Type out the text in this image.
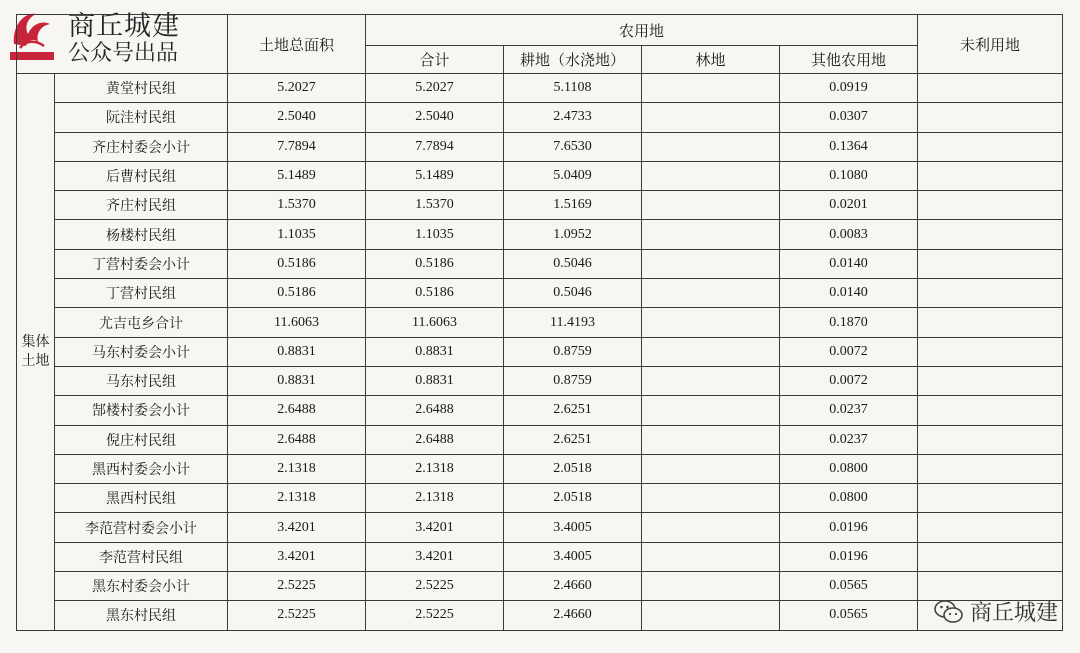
商丘城建
公众号出品
		土地总面积	农用地				未利用地
			合计	耕地（水浇地）	林地	其他农用地	

集体
土地	黄堂村民组	5.2027	5.2027	5.1108		0.0919	
	阮洼村民组	2.5040	2.5040	2.4733		0.0307	
	齐庄村委会小计	7.7894	7.7894	7.6530		0.1364	
	后曹村民组	5.1489	5.1489	5.0409		0.1080	
	齐庄村民组	1.5370	1.5370	1.5169		0.0201	
	杨楼村民组	1.1035	1.1035	1.0952		0.0083	
	丁营村委会小计	0.5186	0.5186	0.5046		0.0140	
	丁营村民组	0.5186	0.5186	0.5046		0.0140	
	尤吉屯乡合计	11.6063	11.6063	11.4193		0.1870	
	马东村委会小计	0.8831	0.8831	0.8759		0.0072	
	马东村民组	0.8831	0.8831	0.8759		0.0072	
	郜楼村委会小计	2.6488	2.6488	2.6251		0.0237	
	倪庄村民组	2.6488	2.6488	2.6251		0.0237	
	黑西村委会小计	2.1318	2.1318	2.0518		0.0800	
	黑西村民组	2.1318	2.1318	2.0518		0.0800	
	李范营村委会小计	3.4201	3.4201	3.4005		0.0196	
	李范营村民组	3.4201	3.4201	3.4005		0.0196	
	黑东村委会小计	2.5225	2.5225	2.4660		0.0565	
	黑东村民组	2.5225	2.5225	2.4660		0.0565		商丘城建
